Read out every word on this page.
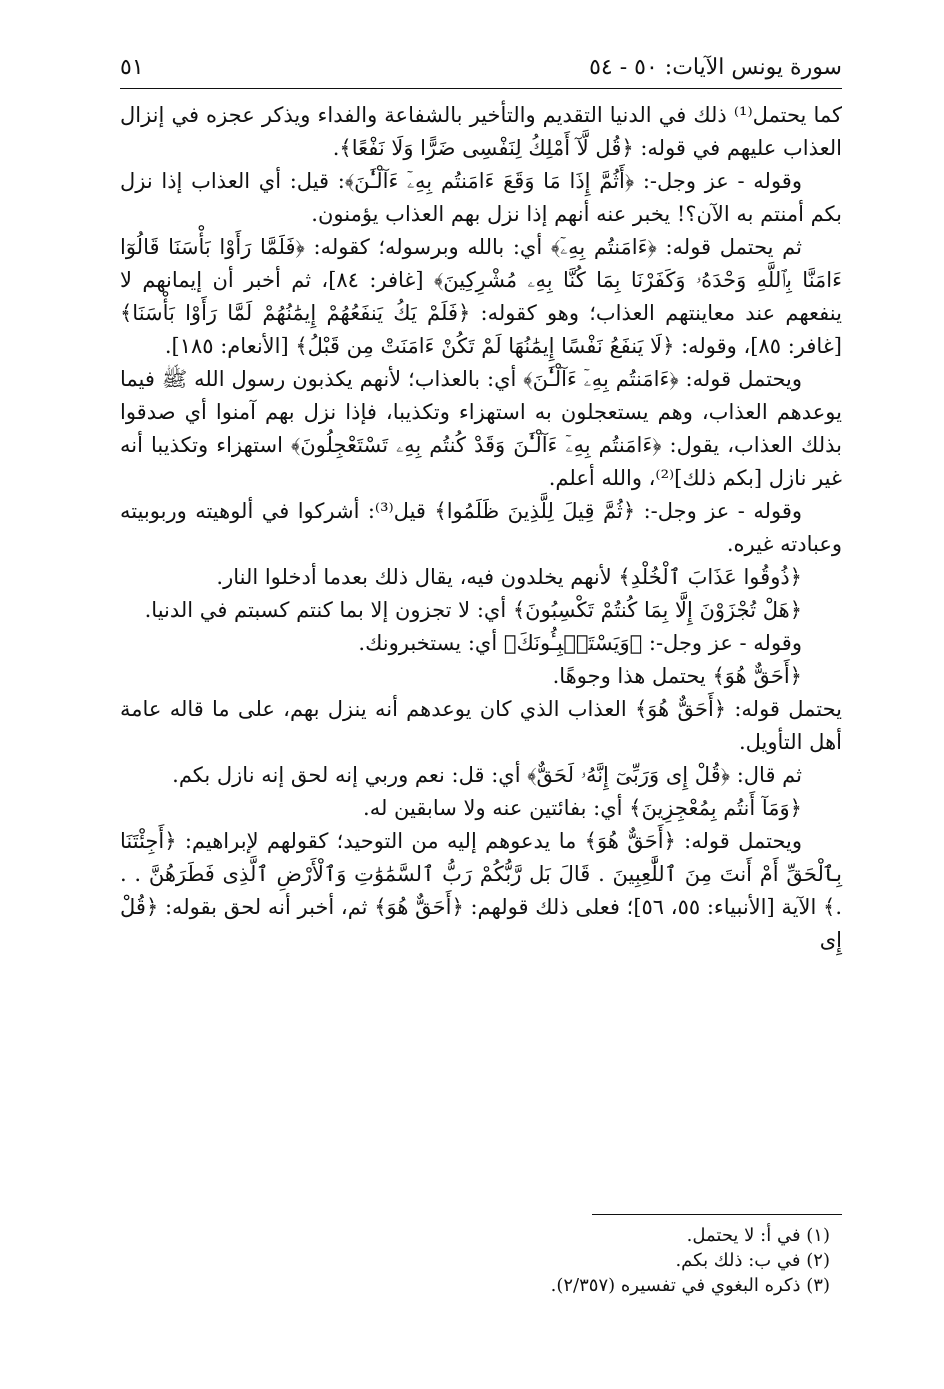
سورة يونس الآيات: ٥٠ - ٥٤
٥١

كما يحتمل⁽¹⁾ ذلك في الدنيا التقديم والتأخير بالشفاعة والفداء ويذكر عجزه في إنزال العذاب عليهم في قوله: ﴿قُل لَّآ أَمْلِكُ لِنَفْسِى ضَرًّا وَلَا نَفْعًا﴾.

وقوله - عز وجل-: ﴿أَثُمَّ إِذَا مَا وَقَعَ ءَامَنتُم بِهِۦٓ ءَآلْـَٰٔنَ﴾: قيل: أي العذاب إذا نزل بكم أمنتم به الآن؟! يخبر عنه أنهم إذا نزل بهم العذاب يؤمنون.

ثم يحتمل قوله: ﴿ءَامَنتُم بِهِۦٓ﴾ أي: بالله وبرسوله؛ كقوله: ﴿فَلَمَّا رَأَوْا بَأْسَنَا قَالُوٓا ءَامَنَّا بِٱللَّهِ وَحْدَهُۥ وَكَفَرْنَا بِمَا كُنَّا بِهِۦ مُشْرِكِينَ﴾ [غافر: ٨٤]، ثم أخبر أن إيمانهم لا ينفعهم عند معاينتهم العذاب؛ وهو كقوله: ﴿فَلَمْ يَكُ يَنفَعُهُمْ إِيمَٰنُهُمْ لَمَّا رَأَوْا بَأْسَنَا﴾ [غافر: ٨٥]، وقوله: ﴿لَا يَنفَعُ نَفْسًا إِيمَٰنُهَا لَمْ تَكُنْ ءَامَنَتْ مِن قَبْلُ﴾ [الأنعام: ١٨٥].

ويحتمل قوله: ﴿ءَامَنتُم بِهِۦٓ ءَآلْـَٰٔنَ﴾ أي: بالعذاب؛ لأنهم يكذبون رسول الله ﷺ فيما يوعدهم العذاب، وهم يستعجلون به استهزاء وتكذيبا، فإذا نزل بهم آمنوا أي صدقوا بذلك العذاب، يقول: ﴿ءَامَنتُم بِهِۦٓ ءَآلْـَٰٔنَ وَقَدْ كُنتُم بِهِۦ تَسْتَعْجِلُونَ﴾ استهزاء وتكذيبا أنه غير نازل [بكم ذلك]⁽²⁾، والله أعلم.

وقوله - عز وجل-: ﴿ثُمَّ قِيلَ لِلَّذِينَ ظَلَمُوا﴾ قيل⁽³⁾: أشركوا في ألوهيته وربوبيته وعبادته غيره.

﴿ذُوقُوا عَذَابَ ٱلْخُلْدِ﴾ لأنهم يخلدون فيه، يقال ذلك بعدما أدخلوا النار.

﴿هَلْ تُجْزَوْنَ إِلَّا بِمَا كُنتُمْ تَكْسِبُونَ﴾ أي: لا تجزون إلا بما كنتم كسبتم في الدنيا.

وقوله - عز وجل-: ﴿وَيَسْتَنۢبِـُٔونَكَ﴾ أي: يستخبرونك.

﴿أَحَقٌّ هُوَ﴾ يحتمل هذا وجوهًا.

يحتمل قوله: ﴿أَحَقٌّ هُوَ﴾ العذاب الذي كان يوعدهم أنه ينزل بهم، على ما قاله عامة أهل التأويل.

ثم قال: ﴿قُلْ إِى وَرَبِّىٓ إِنَّهُۥ لَحَقٌّ﴾ أي: قل: نعم وربي إنه لحق إنه نازل بكم.

﴿وَمَآ أَنتُم بِمُعْجِزِينَ﴾ أي: بفائتين عنه ولا سابقين له.

ويحتمل قوله: ﴿أَحَقٌّ هُوَ﴾ ما يدعوهم إليه من التوحيد؛ كقولهم لإبراهيم: ﴿أَجِئْتَنَا بِٱلْحَقِّ أَمْ أَنتَ مِنَ ٱللَّٰعِبِينَ . قَالَ بَل رَّبُّكُمْ رَبُّ ٱلسَّمَٰوَٰتِ وَٱلْأَرْضِ ٱلَّذِى فَطَرَهُنَّ . . .﴾ الآية [الأنبياء: ٥٥، ٥٦]؛ فعلى ذلك قولهم: ﴿أَحَقٌّ هُوَ﴾ ثم، أخبر أنه لحق بقوله: ﴿قُلْ إِى

(١) في أ: لا يحتمل.
(٢) في ب: ذلك بكم.
(٣) ذكره البغوي في تفسيره (٢/٣٥٧).
